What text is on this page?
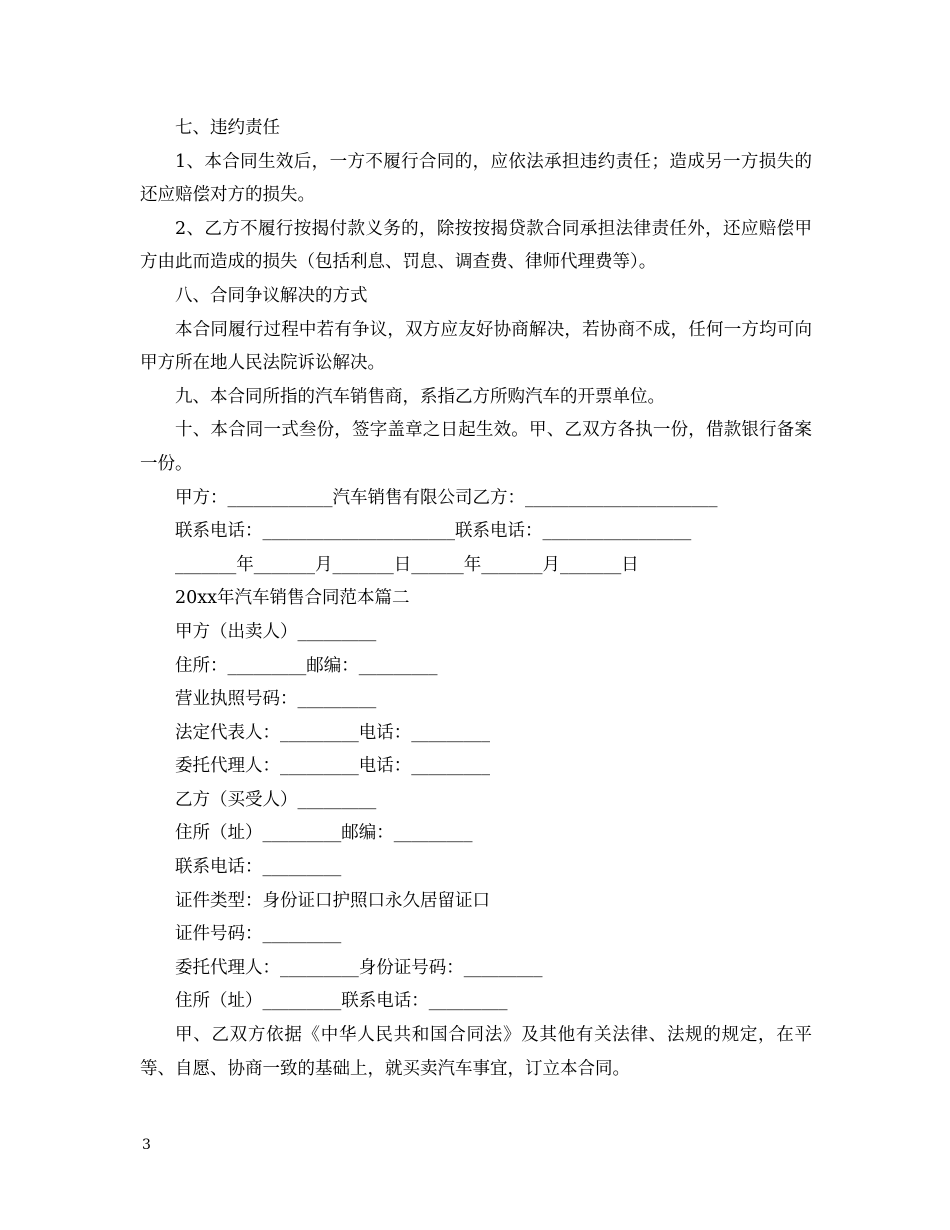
七、违约责任

1、本合同生效后，一方不履行合同的，应依法承担违约责任；造成另一方损失的还应赔偿对方的损失。

2、乙方不履行按揭付款义务的，除按按揭贷款合同承担法律责任外，还应赔偿甲方由此而造成的损失（包括利息、罚息、调查费、律师代理费等）。

八、合同争议解决的方式

本合同履行过程中若有争议，双方应友好协商解决，若协商不成，任何一方均可向甲方所在地人民法院诉讼解决。

九、本合同所指的汽车销售商，系指乙方所购汽车的开票单位。

十、本合同一式叁份，签字盖章之日起生效。甲、乙双方各执一份，借款银行备案一份。

甲方：____________汽车销售有限公司乙方：______________________

联系电话：______________________联系电话：_________________

_______年_______月_______日______年_______月_______日

20xx年汽车销售合同范本篇二

甲方（出卖人）_________

住所：_________邮编：_________

营业执照号码：_________

法定代表人：_________电话：_________

委托代理人：_________电话：_________

乙方（买受人）_________

住所（址）_________邮编：_________

联系电话：_________

证件类型：身份证口护照口永久居留证口

证件号码：_________

委托代理人：_________身份证号码：_________

住所（址）_________联系电话：_________

甲、乙双方依据《中华人民共和国合同法》及其他有关法律、法规的规定，在平等、自愿、协商一致的基础上，就买卖汽车事宜，订立本合同。

3
